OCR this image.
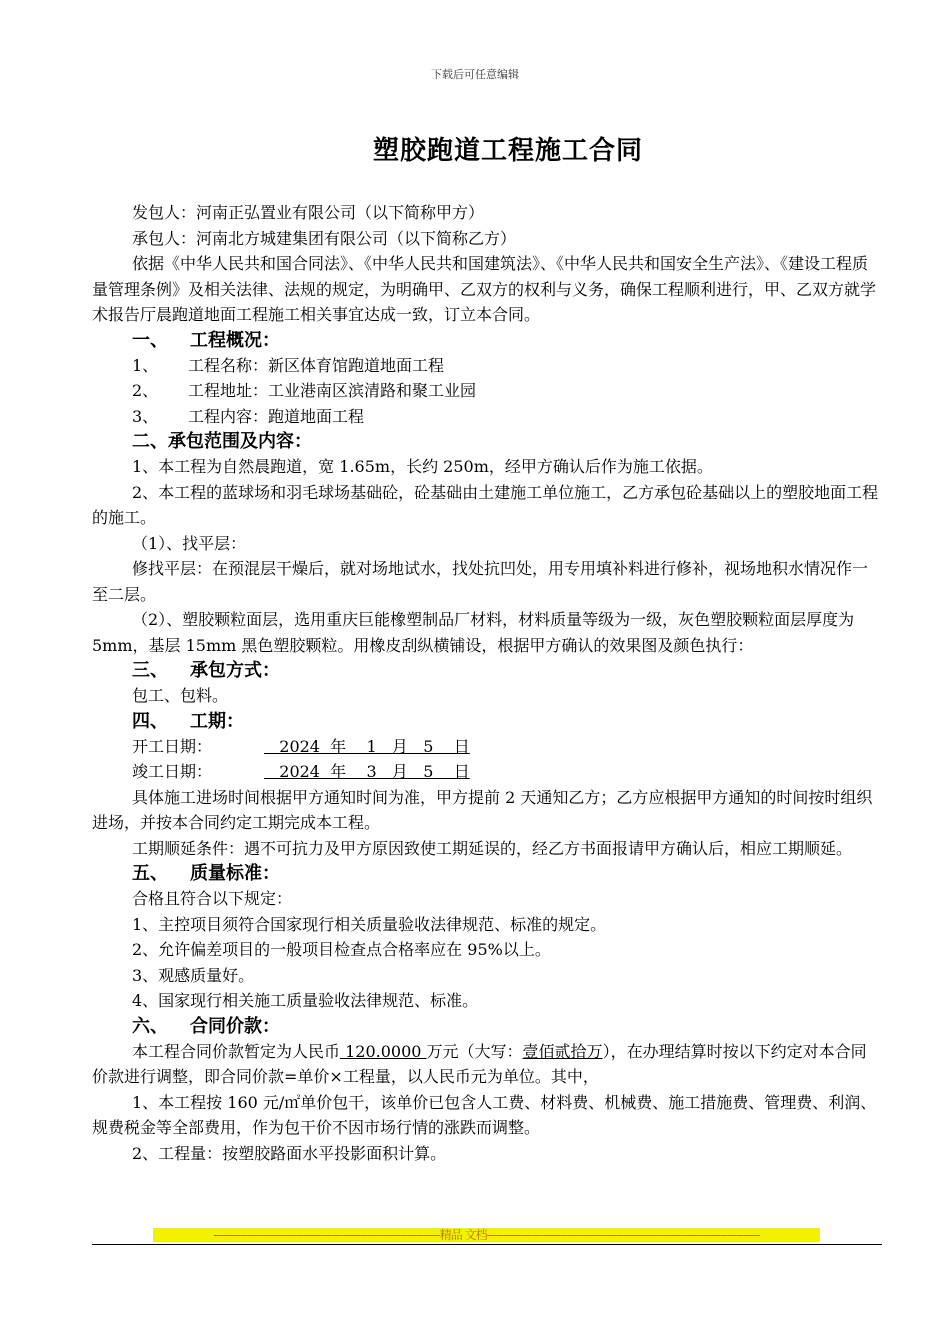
下载后可任意编辑
塑胶跑道工程施工合同

发包人：河南正弘置业有限公司（以下简称甲方）

承包人：河南北方城建集团有限公司（以下简称乙方）

依据《中华人民共和国合同法》、《中华人民共和国建筑法》、《中华人民共和国安全生产法》、《建设工程质量管理条例》及相关法律、法规的规定，为明确甲、乙双方的权利与义务，确保工程顺利进行，甲、乙双方就学术报告厅晨跑道地面工程施工相关事宜达成一致，订立本合同。

一、 工程概况：

1、 工程名称：新区体育馆跑道地面工程

2、 工程地址：工业港南区滨清路和聚工业园

3、 工程内容：跑道地面工程

二、承包范围及内容：

1、本工程为自然晨跑道，宽 1.65m，长约 250m，经甲方确认后作为施工依据。

2、本工程的蓝球场和羽毛球场基础砼，砼基础由土建施工单位施工，乙方承包砼基础以上的塑胶地面工程的施工。

（1）、找平层：

修找平层：在预混层干燥后，就对场地试水，找处抗凹处，用专用填补料进行修补，视场地积水情况作一至二层。

（2）、塑胶颗粒面层，选用重庆巨能橡塑制品厂材料，材料质量等级为一级，灰色塑胶颗粒面层厚度为 5mm，基层 15mm 黑色塑胶颗粒。用橡皮刮纵横铺设，根据甲方确认的效果图及颜色执行：

三、 承包方式：

包工、包料。

四、 工期：

开工日期：	2024  年    1   月   5    日

竣工日期：	2024  年    3   月   5    日

具体施工进场时间根据甲方通知时间为准，甲方提前 2 天通知乙方；乙方应根据甲方通知的时间按时组织进场，并按本合同约定工期完成本工程。

工期顺延条件：遇不可抗力及甲方原因致使工期延误的，经乙方书面报请甲方确认后，相应工期顺延。

五、 质量标准：

合格且符合以下规定：

1、主控项目须符合国家现行相关质量验收法律规范、标准的规定。

2、允许偏差项目的一般项目检查点合格率应在 95%以上。

3、观感质量好。

4、国家现行相关施工质量验收法律规范、标准。

六、 合同价款：

本工程合同价款暂定为人民币 120.0000 万元（大写：壹佰贰拾万），在办理结算时按以下约定对本合同价款进行调整，即合同价款=单价×工程量，以人民币元为单位。其中，

1、本工程按 160 元/㎡单价包干，该单价已包含人工费、材料费、机械费、施工措施费、管理费、利润、规费税金等全部费用，作为包干价不因市场行情的涨跌而调整。

2、工程量：按塑胶路面水平投影面积计算。

--------------------------------------------------------------------精品 文档----------------------------------------------------------------------------------
